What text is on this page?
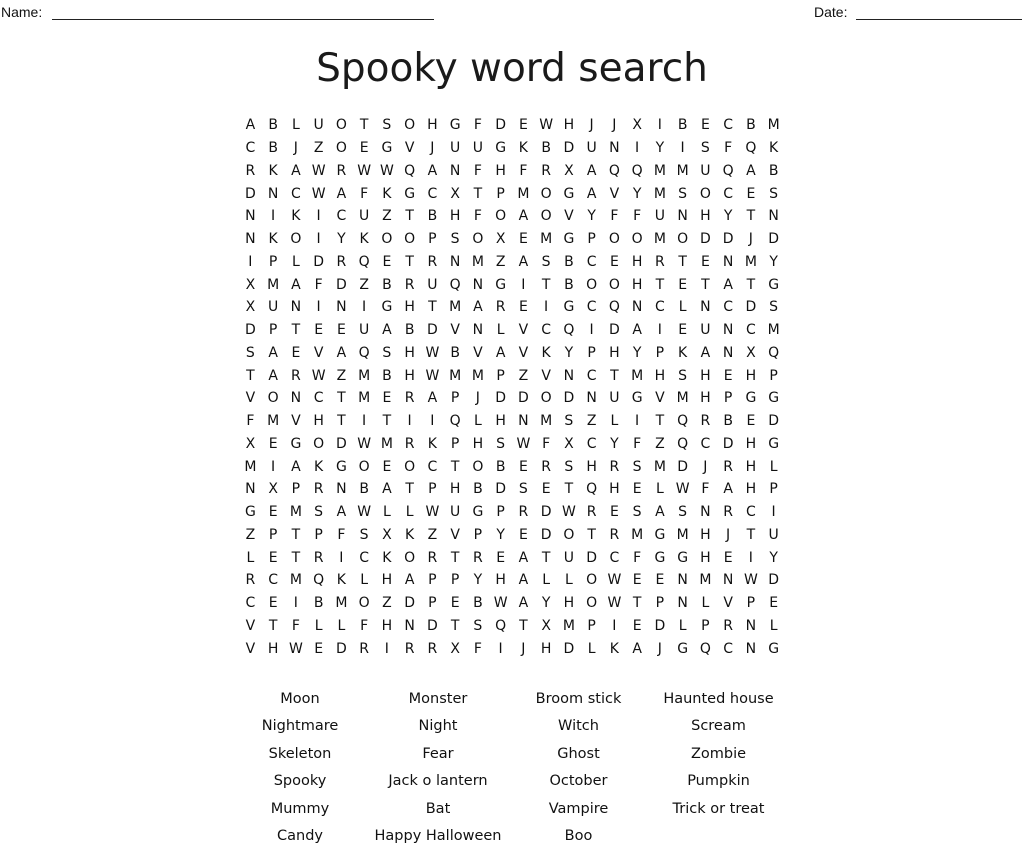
Name:	Date:
Spooky word search
A B	L U O T	S O H G F D E W H	J	J	X	I	B E C B M
C B	J	Z O E G V	J	U U G K B D U N	I	Y	I	S	F Q K
R K A W R W W Q A N F H F R X A Q Q M M U Q A B
D N C W A F	K G C X T	P M O G A V Y M S O C E S
N	I	K	I	C U Z T B H F O A O V Y	F	F U N H Y	T N
N K O	I	Y K O O P	S O X E M G P O O M O D D	J	D
I	P	L D R Q E	T R N M Z A S B C E H R T	E N M Y
X M A F D Z B R U Q N G	I	T B O O H T	E	T A T G
X U N	I	N	I	G H T M A R E	I	G C Q N C L N C D S
D P	T	E E U A B D V N L	V C Q	I	D A	I	E U N C M
S A E V A Q S H W B V A V K Y	P H Y	P K A N X Q
T A R W Z M B H W M M P Z V N C T M H S H E H P
V O N C T M E R A P	J	D D O D N U G V M H P G G
F M V H T	I	T	I	I	Q L H N M S Z	L	I	T Q R B E D
X E G O D W M R K P H S W F X C Y	F Z Q C D H G
M	I	A K G O E O C T O B E R S H R S M D	J	R H L
N X P R N B A T	P H B D S E	T Q H E	L W F A H P
G E M S A W L	L W U G P R D W R E S A S N R C	I
Z P	T	P	F	S X K Z V P	Y	E D O T R M G M H	J	T U
L	E	T R	I	C K O R T R E A T U D C F G G H E	I	Y
R C M Q K	L H A P	P	Y H A	L	L O W E E N M N W D
C E	I	B M O Z D P	E B W A Y H O W T	P N L	V P	E
V T	F	L	L	F H N D T	S Q T X M P	I	E D L	P R N L
V H W E D R	I	R R X F	I	J	H D L	K A	J	G Q C N G
Moon	Monster	Broom stick	Haunted house
Nightmare	Night	Witch	Scream
Skeleton	Fear	Ghost	Zombie
Spooky	Jack o lantern	October	Pumpkin
Mummy	Bat	Vampire	Trick or treat
Candy	Happy Halloween	Boo
